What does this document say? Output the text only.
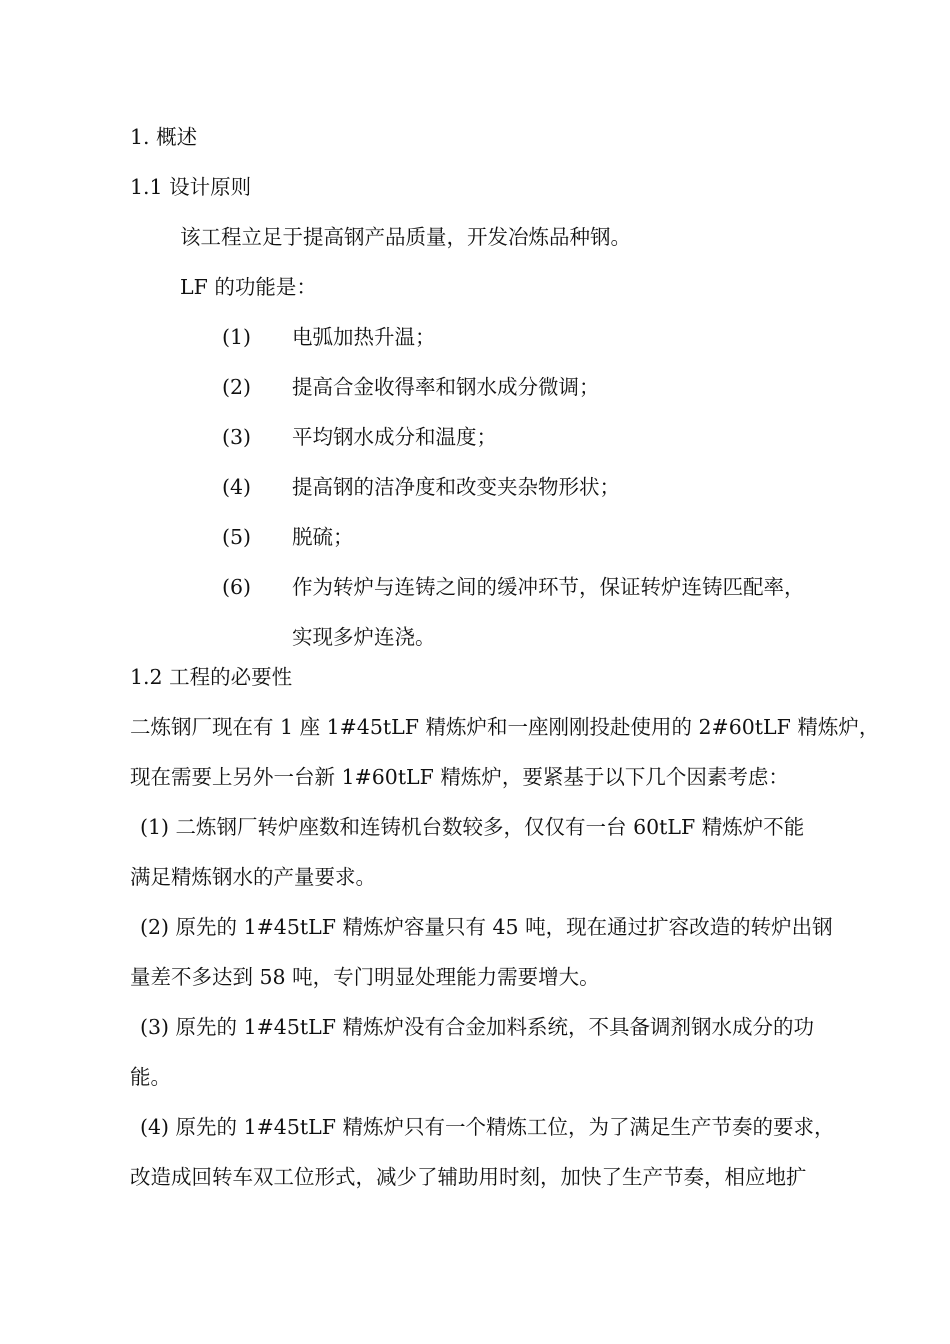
1. 概述
1.1 设计原则
该工程立足于提高钢产品质量，开发冶炼品种钢。
LF 的功能是：
(1) 电弧加热升温；
(2) 提高合金收得率和钢水成分微调；
(3) 平均钢水成分和温度；
(4) 提高钢的洁净度和改变夹杂物形状；
(5) 脱硫；
(6) 作为转炉与连铸之间的缓冲环节，保证转炉连铸匹配率，
实现多炉连浇。
1.2 工程的必要性
二炼钢厂现在有 1 座 1#45tLF 精炼炉和一座刚刚投赴使用的 2#60tLF 精炼炉，
现在需要上另外一台新 1#60tLF 精炼炉，要紧基于以下几个因素考虑：
(1) 二炼钢厂转炉座数和连铸机台数较多，仅仅有一台 60tLF 精炼炉不能
满足精炼钢水的产量要求。
(2) 原先的 1#45tLF 精炼炉容量只有 45 吨，现在通过扩容改造的转炉出钢
量差不多达到 58 吨，专门明显处理能力需要增大。
(3) 原先的 1#45tLF 精炼炉没有合金加料系统，不具备调剂钢水成分的功
能。
(4) 原先的 1#45tLF 精炼炉只有一个精炼工位，为了满足生产节奏的要求，
改造成回转车双工位形式，减少了辅助用时刻，加快了生产节奏，相应地扩
